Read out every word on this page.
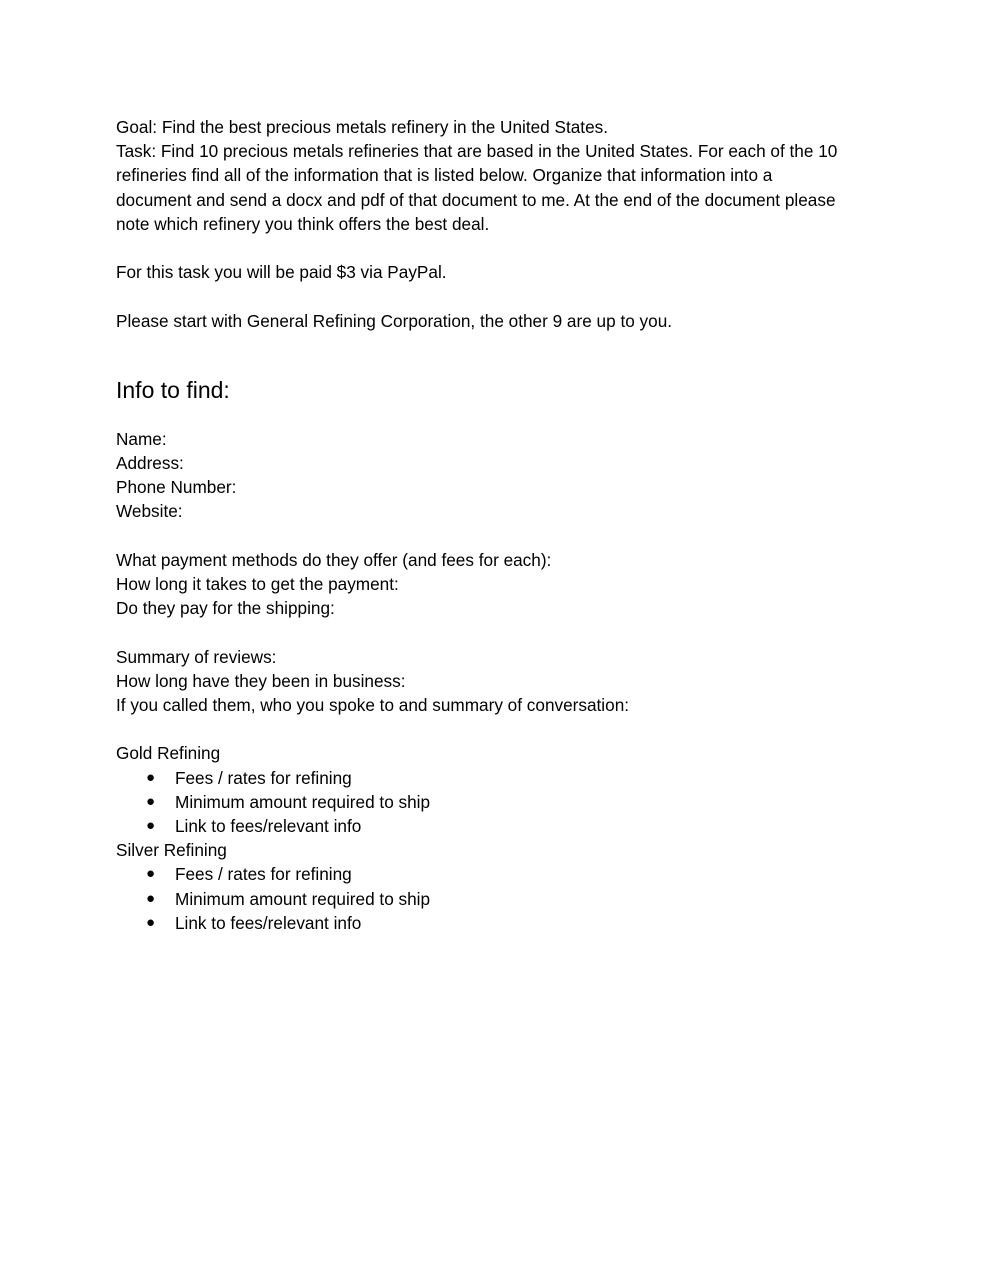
Goal: Find the best precious metals refinery in the United States.
Task: Find 10 precious metals refineries that are based in the United States. For each of the 10
refineries find all of the information that is listed below. Organize that information into a
document and send a docx and pdf of that document to me. At the end of the document please
note which refinery you think offers the best deal.
For this task you will be paid $3 via PayPal.
Please start with General Refining Corporation, the other 9 are up to you.
Info to find:
Name:
Address:
Phone Number:
Website:
What payment methods do they offer (and fees for each):
How long it takes to get the payment:
Do they pay for the shipping:
Summary of reviews:
How long have they been in business:
If you called them, who you spoke to and summary of conversation:
Gold Refining
● Fees / rates for refining
● Minimum amount required to ship
● Link to fees/relevant info
Silver Refining
● Fees / rates for refining
● Minimum amount required to ship
● Link to fees/relevant info
